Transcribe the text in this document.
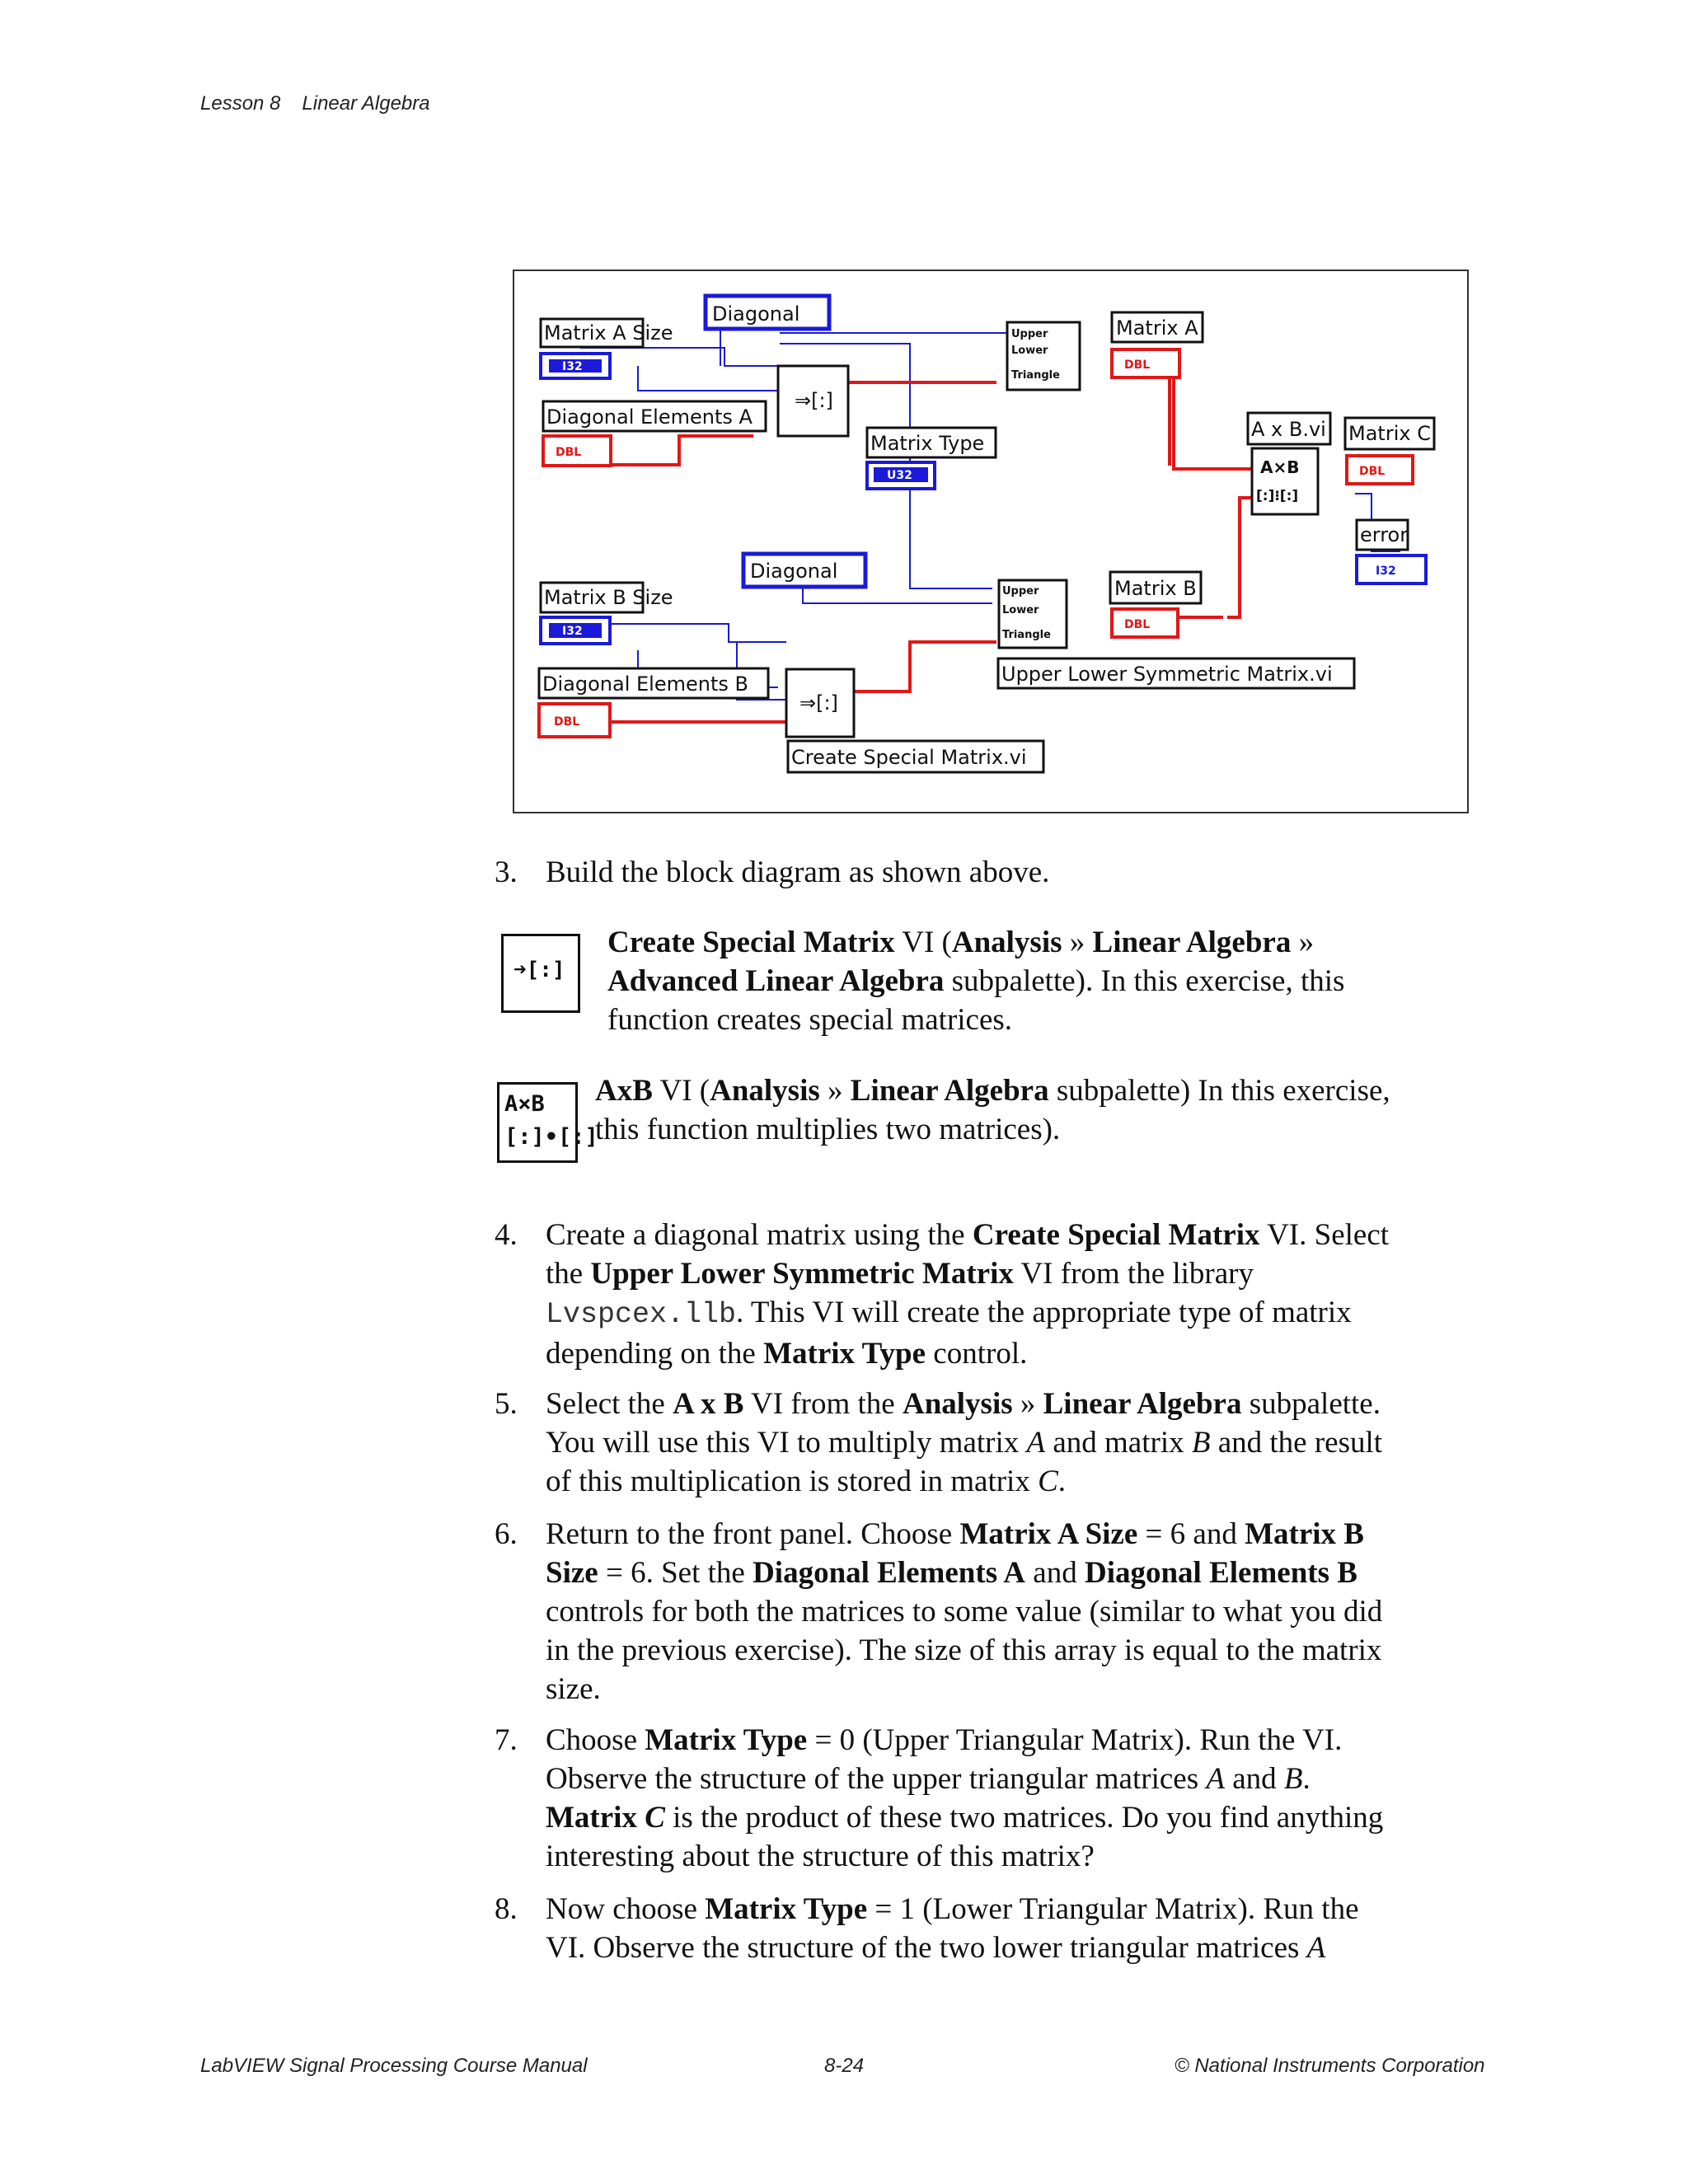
Lesson 8 Linear Algebra
Matrix A Size
I32
Diagonal
Diagonal Elements A
DBL
⇒[:]
Upper
Lower
Triangle
Matrix A
DBL
Matrix Type
U32
A x B.vi
A×B
[:]⁝[:]
Matrix C
DBL
error
I32
Diagonal
Matrix B Size
I32
Upper
Lower
Triangle
Matrix B
DBL
Upper Lower Symmetric Matrix.vi
Diagonal Elements B
DBL
⇒[:]
Create Special Matrix.vi
3. Build the block diagram as shown above.
➜[:]
Create Special Matrix VI (Analysis » Linear Algebra »
Advanced Linear Algebra subpalette). In this exercise, this
function creates special matrices.
A×B
[:]•[:]
AxB VI (Analysis » Linear Algebra subpalette) In this exercise,
this function multiplies two matrices).
4. Create a diagonal matrix using the Create Special Matrix VI. Select
the Upper Lower Symmetric Matrix VI from the library
Lvspcex.llb. This VI will create the appropriate type of matrix
depending on the Matrix Type control.
5. Select the A x B VI from the Analysis » Linear Algebra subpalette.
You will use this VI to multiply matrix A and matrix B and the result
of this multiplication is stored in matrix C.
6. Return to the front panel. Choose Matrix A Size = 6 and Matrix B
Size = 6. Set the Diagonal Elements A and Diagonal Elements B
controls for both the matrices to some value (similar to what you did
in the previous exercise). The size of this array is equal to the matrix
size.
7. Choose Matrix Type = 0 (Upper Triangular Matrix). Run the VI.
Observe the structure of the upper triangular matrices A and B.
Matrix C is the product of these two matrices. Do you find anything
interesting about the structure of this matrix?
8. Now choose Matrix Type = 1 (Lower Triangular Matrix). Run the
VI. Observe the structure of the two lower triangular matrices A
LabVIEW Signal Processing Course Manual	8-24	© National Instruments Corporation
